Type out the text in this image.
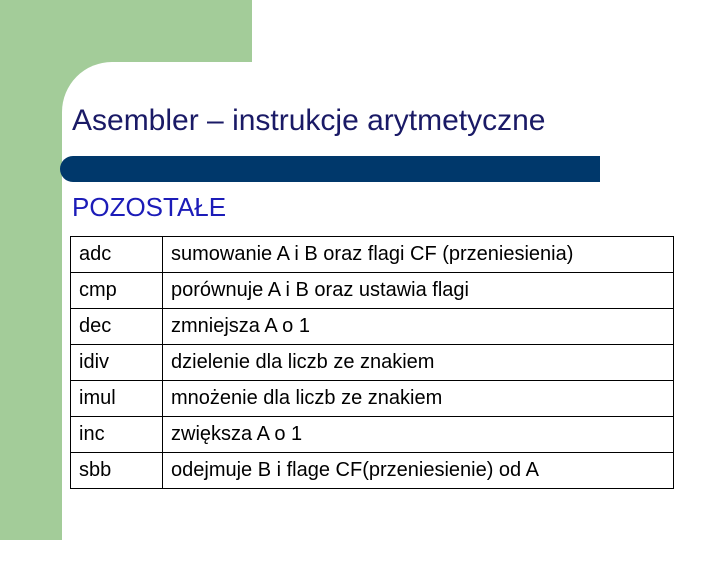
Asembler – instrukcje arytmetyczne
POZOSTAŁE
adc	sumowanie A i B oraz flagi CF (przeniesienia)
cmp	porównuje A i B oraz ustawia flagi
dec	zmniejsza A o 1
idiv	dzielenie dla liczb ze znakiem
imul	mnożenie dla liczb ze znakiem
inc	zwiększa A o 1
sbb	odejmuje B i flage CF(przeniesienie) od A
